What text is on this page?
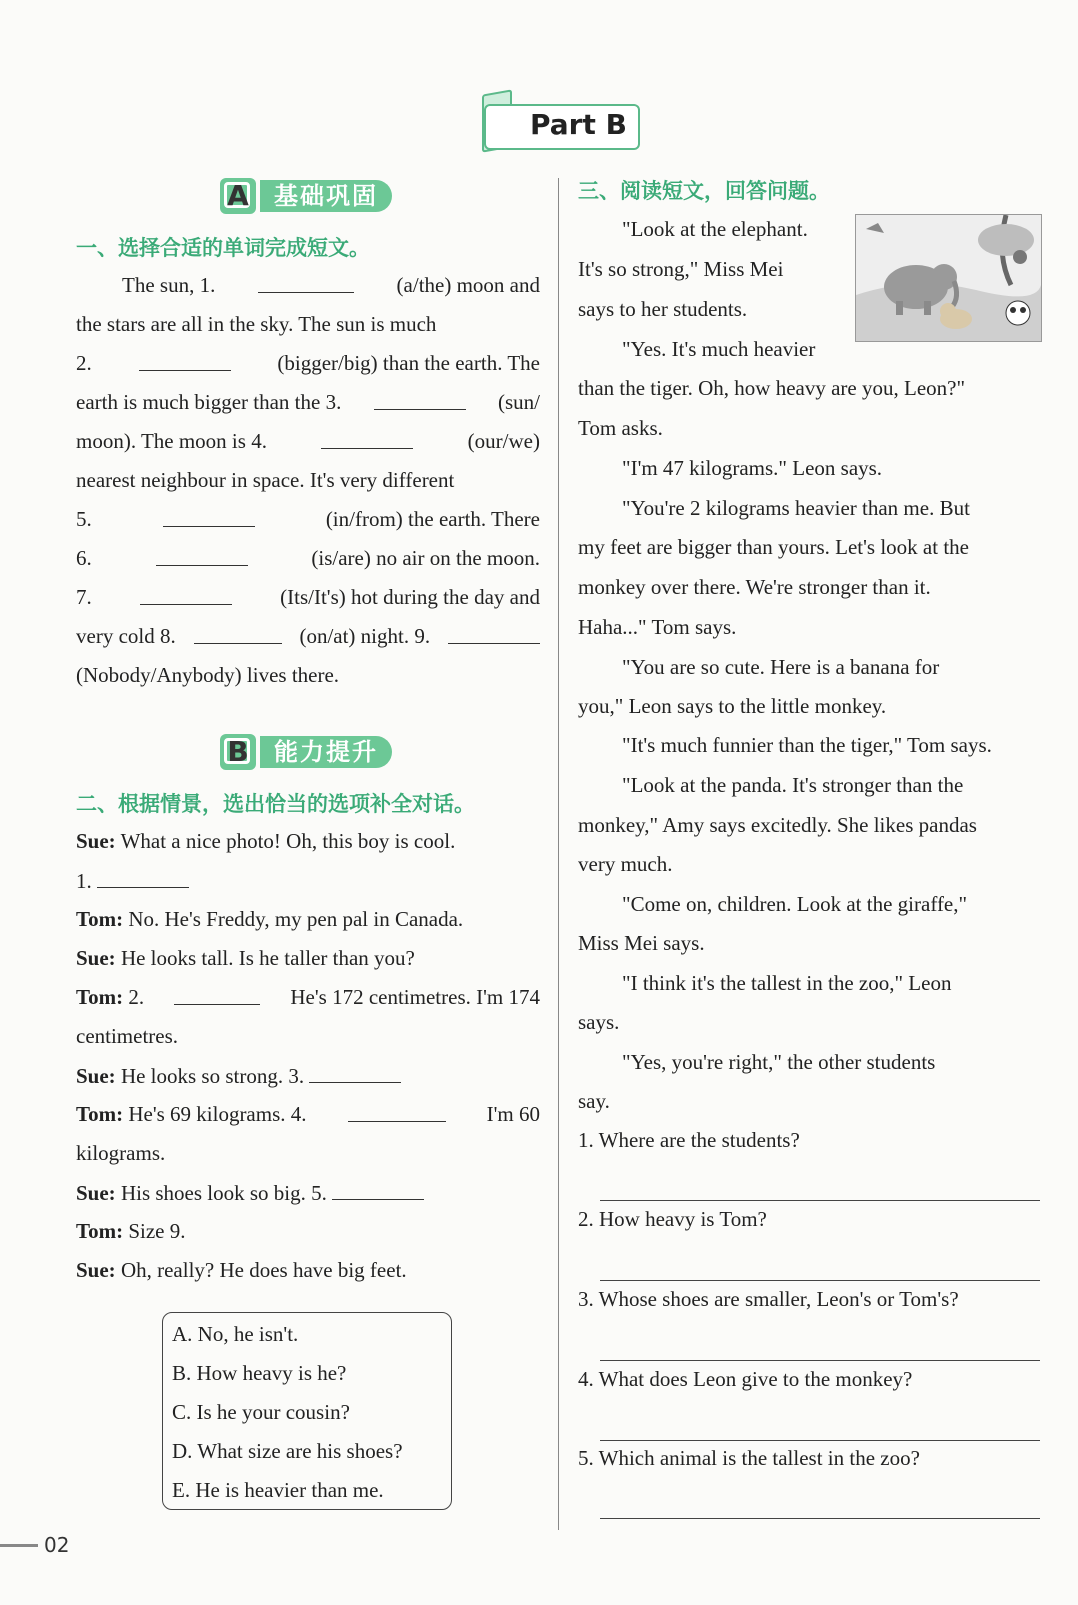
Part B
A	基础巩固
一、选择合适的单词完成短文。
The sun, 1.	(a/the) moon and
the stars are all in the sky. The sun is much
2.	(bigger/big) than the earth. The
earth is much bigger than the 3.	(sun/
moon). The moon is 4.	(our/we)
nearest neighbour in space. It's very different
5.	(in/from) the earth. There
6.	(is/are) no air on the moon.
7.	(Its/It's) hot during the day and
very cold 8.	(on/at) night. 9.
(Nobody/Anybody) lives there.
B	能力提升
二、根据情景，选出恰当的选项补全对话。
Sue: What a nice photo! Oh, this boy is cool.
1.
Tom: No. He's Freddy, my pen pal in Canada.
Sue: He looks tall. Is he taller than you?
Tom: 2.	He's 172 centimetres. I'm 174
centimetres.
Sue: He looks so strong. 3.
Tom: He's 69 kilograms. 4.	I'm 60
kilograms.
Sue: His shoes look so big. 5.
Tom: Size 9.
Sue: Oh, really? He does have big feet.
A. No, he isn't.
B. How heavy is he?
C. Is he your cousin?
D. What size are his shoes?
E. He is heavier than me.
三、阅读短文，回答问题。
"Look at the elephant.
It's so strong," Miss Mei
says to her students.
"Yes. It's much heavier
than the tiger. Oh, how heavy are you, Leon?"
Tom asks.
"I'm 47 kilograms." Leon says.
"You're 2 kilograms heavier than me. But
my feet are bigger than yours. Let's look at the
monkey over there. We're stronger than it.
Haha..." Tom says.
"You are so cute. Here is a banana for
you," Leon says to the little monkey.
"It's much funnier than the tiger," Tom says.
"Look at the panda. It's stronger than the
monkey," Amy says excitedly. She likes pandas
very much.
"Come on, children. Look at the giraffe,"
Miss Mei says.
"I think it's the tallest in the zoo," Leon
says.
"Yes, you're right," the other students
say.
1. Where are the students?
2. How heavy is Tom?
3. Whose shoes are smaller, Leon's or Tom's?
4. What does Leon give to the monkey?
5. Which animal is the tallest in the zoo?
02
